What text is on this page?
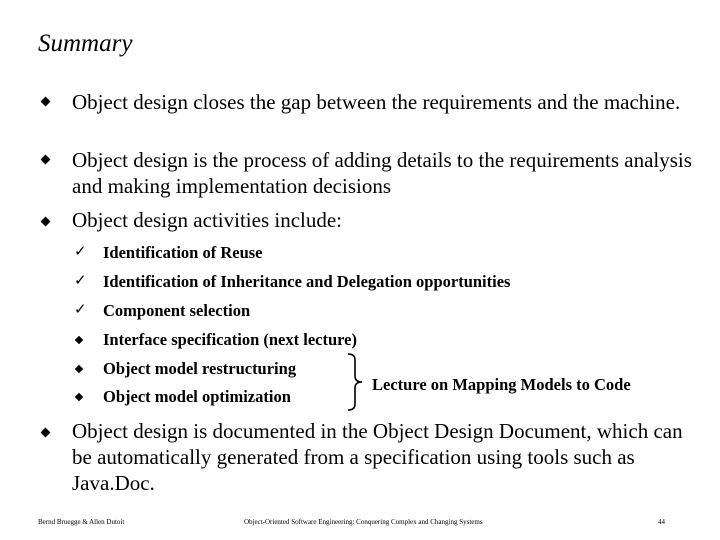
Summary
Object design closes the gap between the requirements and the machine.
Object design is the process of adding details to the requirements analysis and making implementation decisions
Object design activities include:
✓ Identification of Reuse
✓ Identification of Inheritance and Delegation opportunities
✓ Component selection
Interface specification (next lecture)
Object model restructuring
Object model optimization
Lecture on Mapping Models to Code
Object design is documented in the Object Design Document, which can be automatically generated from a specification using tools such as Java.Doc.
Bernd Bruegge & Allen Dutoit	Object-Oriented Software Engineering: Conquering Complex and Changing Systems	44
